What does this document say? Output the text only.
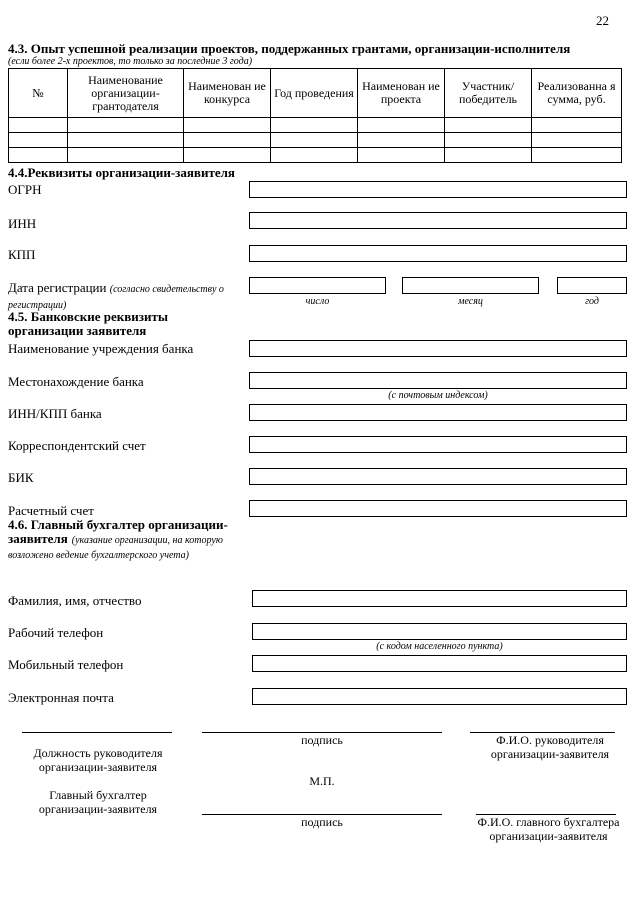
22
4.3. Опыт успешной реализации проектов, поддержанных грантами, организации-исполнителя
(если более 2-х проектов, то только за последние 3 года)
№	Наименование организации-грантодателя	Наименован ие конкурса	Год проведения	Наименован ие проекта	Участник/ победитель	Реализованна я сумма, руб.

4.4.Реквизиты организации-заявителя
ОГРН
ИНН
КПП
Дата регистрации (согласно свидетельству о регистрации)	число	месяц	год
4.5. Банковские реквизиты организации заявителя
Наименование учреждения банка
Местонахождение банка
(с почтовым индексом)
ИНН/КПП банка
Корреспондентский счет
БИК
Расчетный счет
4.6. Главный бухгалтер организации-заявителя (указание организации, на которую возложено ведение бухгалтерского учета)
Фамилия, имя, отчество
Рабочий телефон
(с кодом населенного пункта)
Мобильный телефон
Электронная почта
подпись	Ф.И.О. руководителя организации-заявителя
Должность руководителя организации-заявителя
М.П.
Главный бухгалтер организации-заявителя
подпись	Ф.И.О. главного бухгалтера организации-заявителя
